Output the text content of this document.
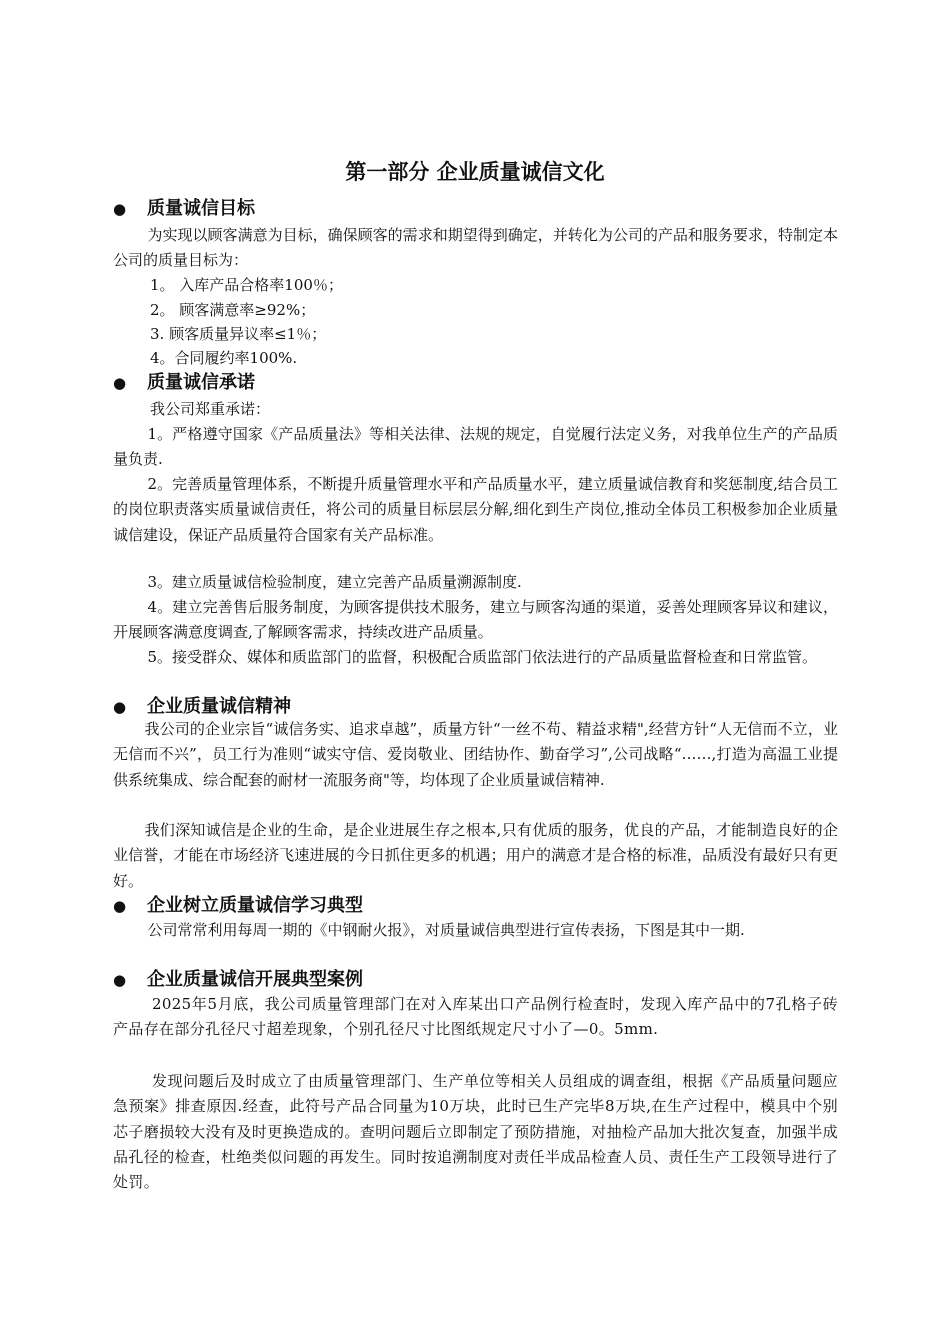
第一部分 企业质量诚信文化
● 质量诚信目标

为实现以顾客满意为目标，确保顾客的需求和期望得到确定，并转化为公司的产品和服务要求，特制定本公司的质量目标为：

1。 入库产品合格率100％；

2。 顾客满意率≥92%；

3. 顾客质量异议率≤1％；

4。合同履约率100%.

● 质量诚信承诺

我公司郑重承诺：

1。严格遵守国家《产品质量法》等相关法律、法规的规定，自觉履行法定义务，对我单位生产的产品质量负责.

2。完善质量管理体系，不断提升质量管理水平和产品质量水平，建立质量诚信教育和奖惩制度,结合员工的岗位职责落实质量诚信责任，将公司的质量目标层层分解,细化到生产岗位,推动全体员工积极参加企业质量诚信建设，保证产品质量符合国家有关产品标准。

3。建立质量诚信检验制度，建立完善产品质量溯源制度.

4。建立完善售后服务制度，为顾客提供技术服务，建立与顾客沟通的渠道，妥善处理顾客异议和建议，开展顾客满意度调查,了解顾客需求，持续改进产品质量。

5。接受群众、媒体和质监部门的监督，积极配合质监部门依法进行的产品质量监督检查和日常监管。

● 企业质量诚信精神

我公司的企业宗旨“诚信务实、追求卓越”，质量方针“一丝不苟、精益求精",经营方针“人无信而不立，业无信而不兴”，员工行为准则“诚实守信、爱岗敬业、团结协作、勤奋学习”,公司战略“……,打造为高温工业提供系统集成、综合配套的耐材一流服务商"等，均体现了企业质量诚信精神.

我们深知诚信是企业的生命，是企业进展生存之根本,只有优质的服务，优良的产品，才能制造良好的企业信誉，才能在市场经济飞速进展的今日抓住更多的机遇；用户的满意才是合格的标准，品质没有最好只有更好。

● 企业树立质量诚信学习典型

公司常常利用每周一期的《中钢耐火报》，对质量诚信典型进行宣传表扬，下图是其中一期.

● 企业质量诚信开展典型案例

2025年5月底，我公司质量管理部门在对入库某出口产品例行检查时，发现入库产品中的7孔格子砖产品存在部分孔径尺寸超差现象，个别孔径尺寸比图纸规定尺寸小了—0。5mm.

发现问题后及时成立了由质量管理部门、生产单位等相关人员组成的调查组，根据《产品质量问题应急预案》排查原因.经查，此符号产品合同量为10万块，此时已生产完毕8万块,在生产过程中，模具中个别芯子磨损较大没有及时更换造成的。查明问题后立即制定了预防措施，对抽检产品加大批次复查，加强半成品孔径的检查，杜绝类似问题的再发生。同时按追溯制度对责任半成品检查人员、责任生产工段领导进行了处罚。
